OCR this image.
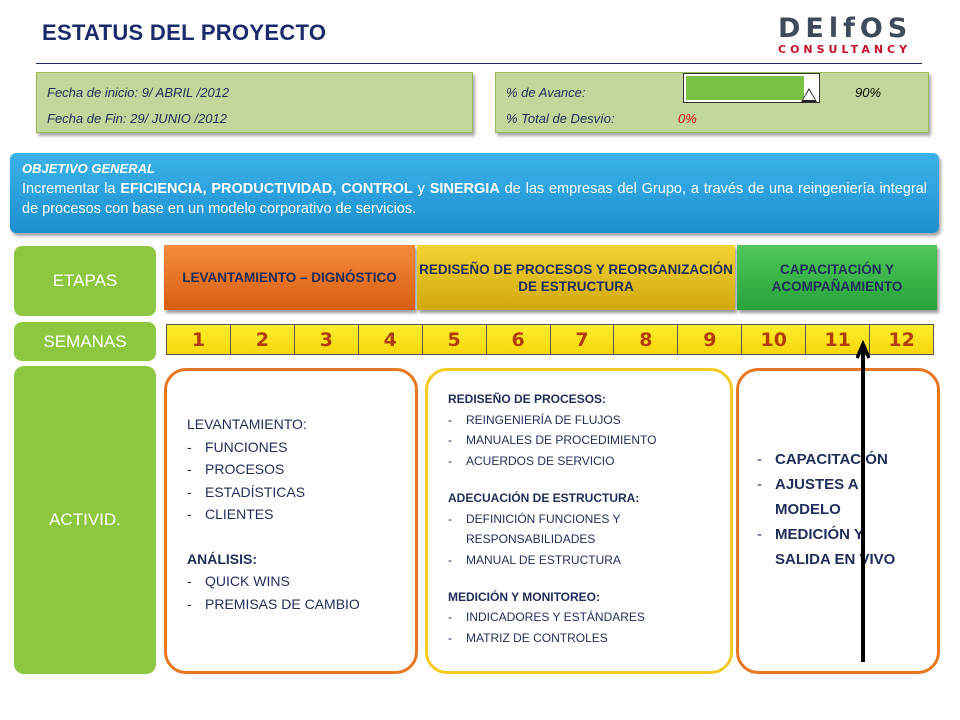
ESTATUS DEL PROYECTO	DElfOS
CONSULTANCY
Fecha de inicio: 9/ ABRIL /2012
Fecha de Fin: 29/ JUNIO /2012
% de Avance:	90%
% Total de Desvío:	0%
OBJETIVO GENERAL
Incrementar la EFICIENCIA, PRODUCTIVIDAD, CONTROL y SINERGIA de las empresas del Grupo, a través de una reingeniería integral de procesos con base en un modelo corporativo de servicios.
ETAPAS
SEMANAS
ACTIVID.
LEVANTAMIENTO – DIGNÓSTICO
REDISEÑO DE PROCESOS Y REORGANIZACIÓN DE ESTRUCTURA
CAPACITACIÓN Y ACOMPAÑAMIENTO
1	2	3	4	5	6	7	8	9	10	11	12
LEVANTAMIENTO:
- FUNCIONES
- PROCESOS
- ESTADÍSTICAS
- CLIENTES
ANÁLISIS:
- QUICK WINS
- PREMISAS DE CAMBIO
REDISEÑO DE PROCESOS:
-	REINGENIERÍA DE FLUJOS
-	MANUALES DE PROCEDIMIENTO
-	ACUERDOS DE SERVICIO
ADECUACIÓN DE ESTRUCTURA:
-	DEFINICIÓN FUNCIONES Y RESPONSABILIDADES
-	MANUAL DE ESTRUCTURA
MEDICIÓN Y MONITOREO:
-	INDICADORES Y ESTÁNDARES
-	MATRIZ DE CONTROLES
- CAPACITACIÓN
- AJUSTES A MODELO
- MEDICIÓN Y SALIDA EN VIVO
